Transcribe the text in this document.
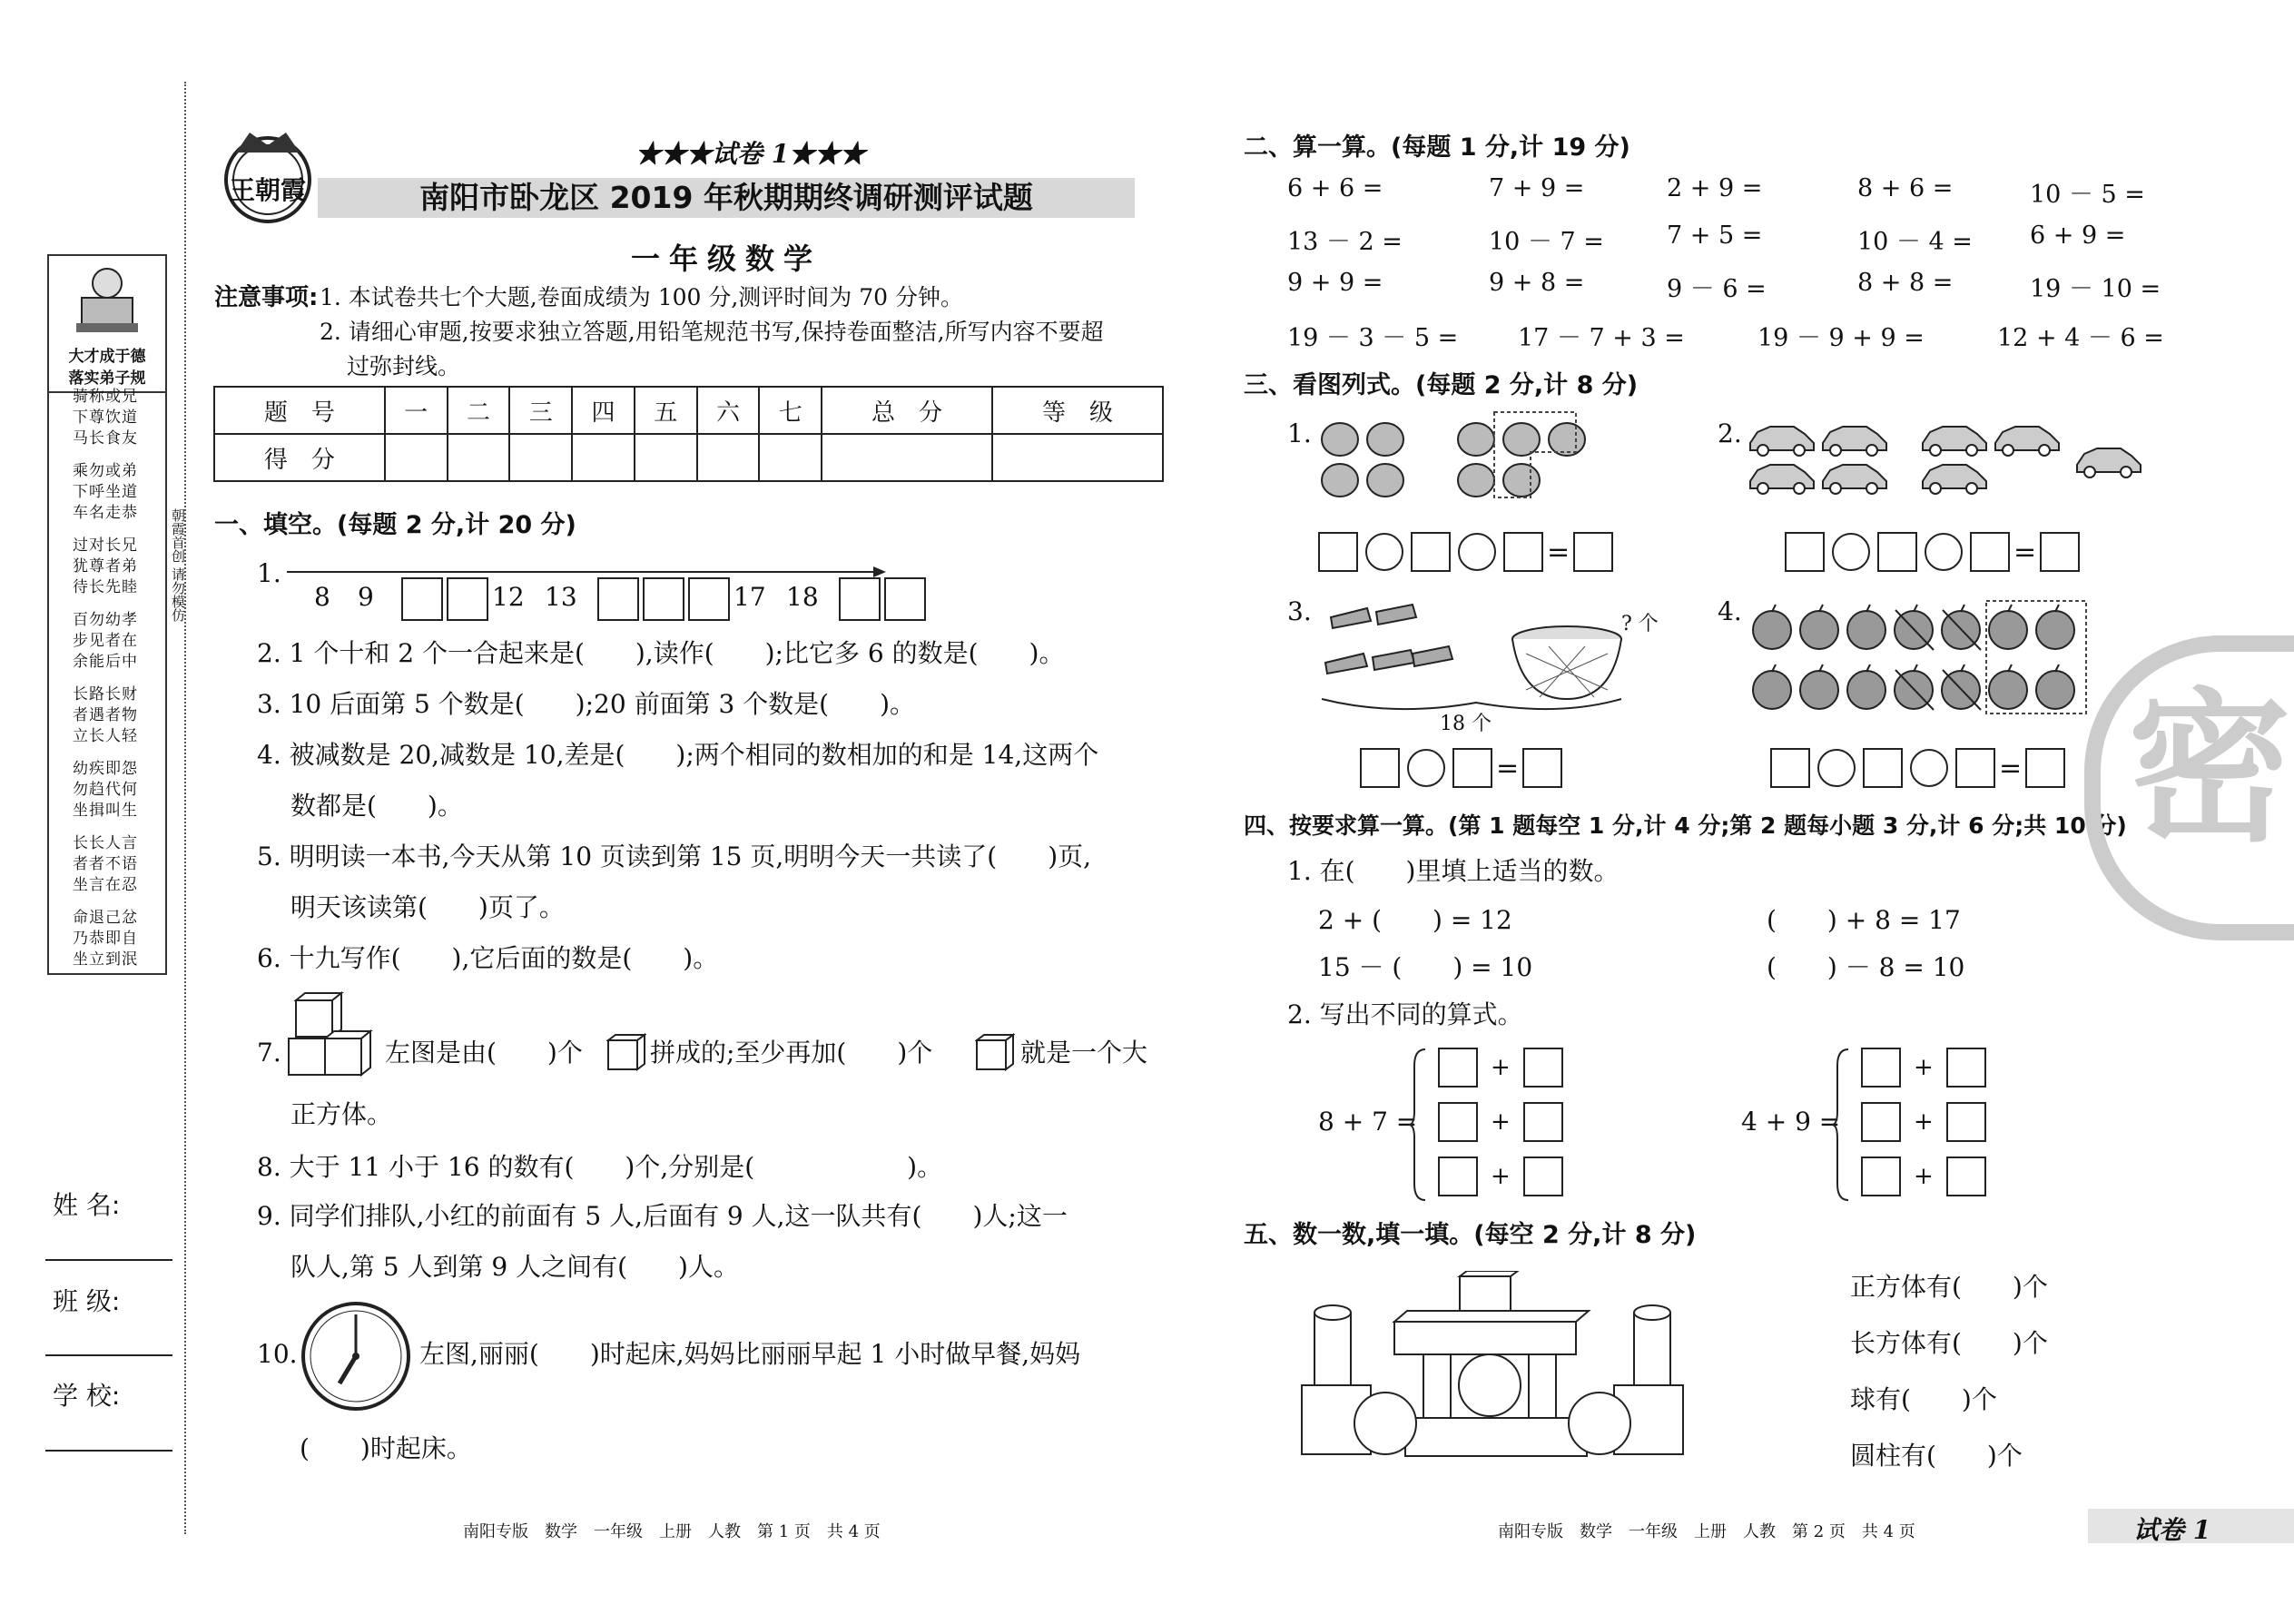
大才成于德
落实弟子规
骑称或兄
下尊饮道
马长食友
乘勿或弟
下呼坐道
车名走恭
过对长兄
犹尊者弟
待长先睦
百勿幼孝
步见者在
余能后中
长路长财
者遇者物
立长人轻
幼疾即怨
勿趋代何
坐揖叫生
长长人言
者者不语
坐言在忍
命退己忿
乃恭即自
坐立到泯
朝霞首创 请勿模仿
姓 名:
班 级:
学 校:
王朝霞
★★★试卷 1★★★
南阳市卧龙区 2019 年秋期期终调研测评试题
一年级数学
注意事项: 1. 本试卷共七个大题,卷面成绩为 100 分,测评时间为 70 分钟。
2. 请细心审题,按要求独立答题,用铅笔规范书写,保持卷面整洁,所写内容不要超
过弥封线。
题　号	一	二	三	四	五	六	七	总　分	等　级
得　分									
一、填空。(每题 2 分,计 20 分)
1.
8 9	12 13	17 18
2. 1 个十和 2 个一合起来是(　　),读作(　　);比它多 6 的数是(　　)。
3. 10 后面第 5 个数是(　　);20 前面第 3 个数是(　　)。
4. 被减数是 20,减数是 10,差是(　　);两个相同的数相加的和是 14,这两个
数都是(　　)。
5. 明明读一本书,今天从第 10 页读到第 15 页,明明今天一共读了(　　)页,
明天该读第(　　)页了。
6. 十九写作(　　),它后面的数是(　　)。
7.	左图是由(　　)个	拼成的;至少再加(　　)个	就是一个大
正方体。
8. 大于 11 小于 16 的数有(　　)个,分别是(　　　　　　)。
9. 同学们排队,小红的前面有 5 人,后面有 9 人,这一队共有(　　)人;这一
队人,第 5 人到第 9 人之间有(　　)人。
10.	左图,丽丽(　　)时起床,妈妈比丽丽早起 1 小时做早餐,妈妈
(　　)时起床。
南阳专版　数学　一年级　上册　人教　第 1 页　共 4 页
二、算一算。(每题 1 分,计 19 分)
6 + 6 =	7 + 9 =	2 + 9 =	8 + 6 =	10 － 5 =
13 － 2 =	10 － 7 =	7 + 5 =	10 － 4 = 6 + 9 =
9 + 9 =	9 + 8 =	9 － 6 =	8 + 8 =	19 － 10 =
19 － 3 － 5 = 17 － 7 + 3 =	19 － 9 + 9 =	12 + 4 － 6 =
三、看图列式。(每题 2 分,计 8 分)
1.	2.
=	=
3.	? 个
18 个
4.
=	=
四、按要求算一算。(第 1 题每空 1 分,计 4 分;第 2 题每小题 3 分,计 6 分;共 10 分)
1. 在(　　)里填上适当的数。
2 + (　　) = 12	(　　) + 8 = 17
15 － (　　) = 10	(　　) － 8 = 10
2. 写出不同的算式。
8 + 7 =
+
+
+
4 + 9 =
+
+
+
五、数一数,填一填。(每空 2 分,计 8 分)
正方体有(　　)个
长方体有(　　)个
球有(　　)个
圆柱有(　　)个
密
南阳专版　数学　一年级　上册　人教　第 2 页　共 4 页	试卷 1
